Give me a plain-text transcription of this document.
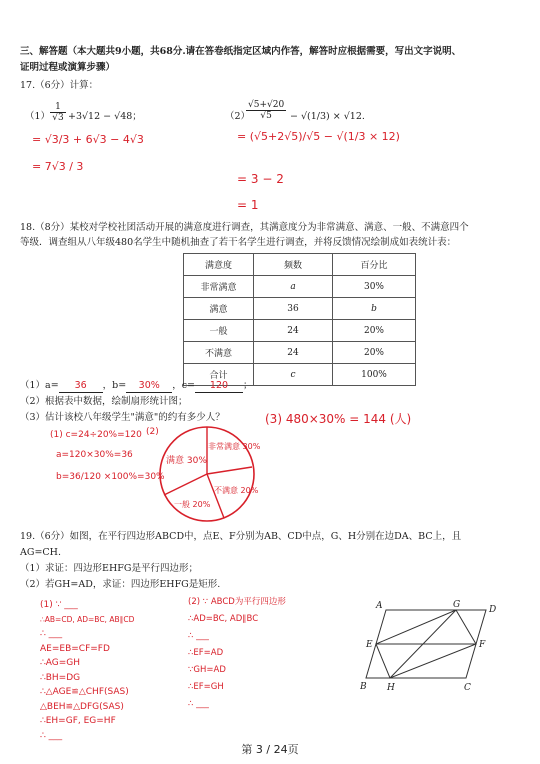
三、解答题（本大题共9小题，共68分.请在答卷纸指定区域内作答，解答时应根据需要，写出文字说明、
证明过程或演算步骤）
17.（6分）计算：
$(1) \frac{1}{√3} +3√12 - √48$；	（2）
$\frac{√5+√20}{√5} - √(1/3) \times √12$.
= √3/3 + 6√3 − 4√3
= 7√3 / 3
= (√5+2√5)/√5 − √(1/3 × 12)
= 3 − 2
= 1
18.（8分）某校对学校社团活动开展的满意度进行调查，其满意度分为非常满意、满意、一般、不满意四个
等级．调查组从八年级480名学生中随机抽查了若干名学生进行调查，并将反馈情况绘制成如表统计表：
满意度	频数	百分比
非常满意	a	30%
满意	36	b
一般	24	20%
不满意	24	20%
合计	c	100%
（1）a= 36 ，b= 30% ，c= 120 ；
（2）根据表中数据，绘制扇形统计图；
（3）估计该校八年级学生"满意"的约有多少人？	(3) 480×30% = 144 (人)
(1) c=24÷20%=120 (2)
a=120×30%=36
b=36/120 ×100%=30%
满意 30%
非常满意 30%
不满意 20%
一般 20%
19.（6分）如图，在平行四边形ABCD中，点E、F分别为AB、CD中点，G、H分别在边DA、BC上，且
AG=CH.
（1）求证：四边形EHFG是平行四边形；
（2）若GH=AD，求证：四边形EHFG是矩形.
(1) ∵ ___
∴AB=CD, AD=BC, AB∥CD
∴ ___
AE=EB=CF=FD
∴AG=GH
∴BH=DG
∴△AGE≌△CHF(SAS)
△BEH≌△DFG(SAS)
∴EH=GF, EG=HF
∴ ___
(2) ∵ ABCD为平行四边形
∴AD=BC, AD∥BC
∴ ___
∴EF=AD
∵GH=AD
∴EF=GH
∴ ___
A	G	D
E	F
B H	C
第 3 / 24页
